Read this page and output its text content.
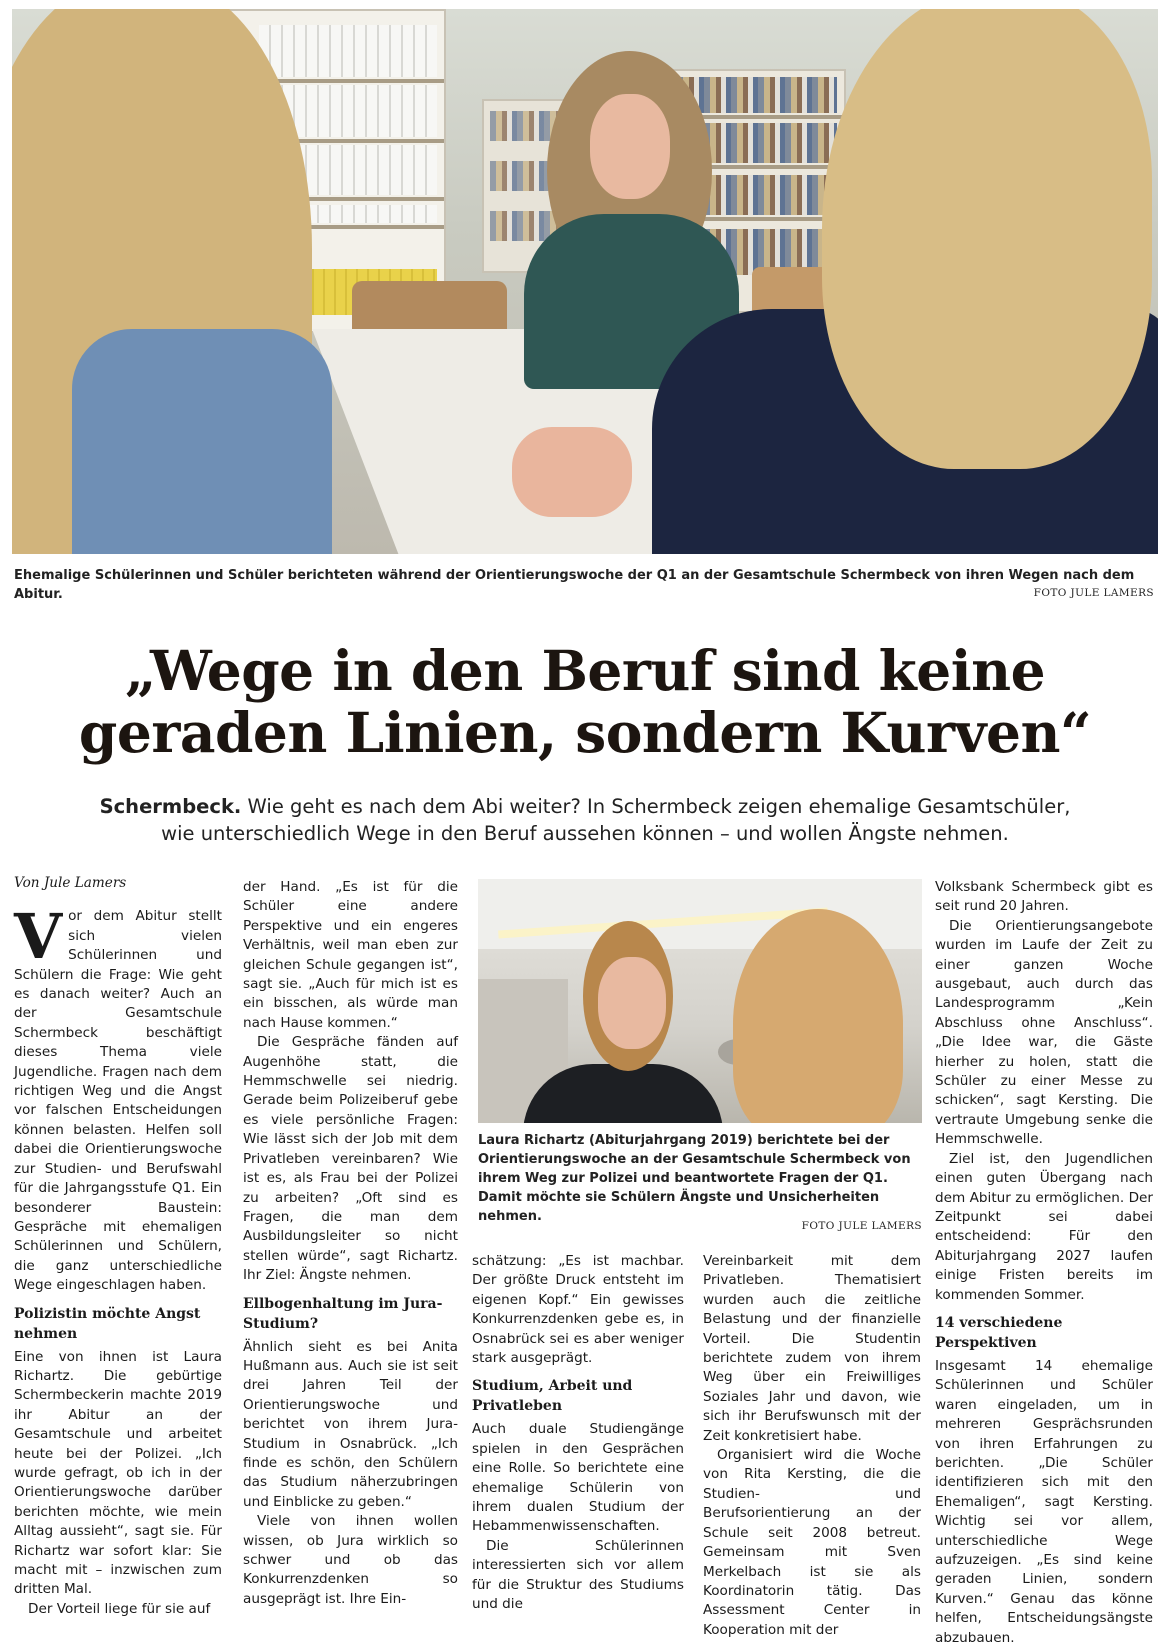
Ehemalige Schülerinnen und Schüler berichteten während der Orientierungswoche der Q1 an der Gesamtschule Schermbeck von ihren Wegen nach dem Abitur.	FOTO JULE LAMERS
„Wege in den Beruf sind keine
geraden Linien, sondern Kurven“
Schermbeck. Wie geht es nach dem Abi weiter? In Schermbeck zeigen ehemalige Gesamtschüler,
wie unterschiedlich Wege in den Beruf aussehen können – und wollen Ängste nehmen.

Von Jule Lamers

Vor dem Abitur stellt sich vielen Schülerinnen und Schülern die Frage: Wie geht es danach weiter? Auch an der Gesamtschule Schermbeck beschäftigt dieses Thema viele Jugendliche. Fragen nach dem richtigen Weg und die Angst vor falschen Entscheidungen können belasten. Helfen soll dabei die Orientierungswoche zur Studien- und Berufswahl für die Jahrgangsstufe Q1. Ein besonderer Baustein: Gespräche mit ehemaligen Schülerinnen und Schülern, die ganz unterschiedliche Wege eingeschlagen haben.

Polizistin möchte Angst nehmen

Eine von ihnen ist Laura Richartz. Die gebürtige Schermbeckerin machte 2019 ihr Abitur an der Gesamtschule und arbeitet heute bei der Polizei. „Ich wurde gefragt, ob ich in der Orientierungswoche darüber berichten möchte, wie mein Alltag aussieht“, sagt sie. Für Richartz war sofort klar: Sie macht mit – inzwischen zum dritten Mal.

Der Vorteil liege für sie auf

der Hand. „Es ist für die Schüler eine andere Perspektive und ein engeres Verhältnis, weil man eben zur gleichen Schule gegangen ist“, sagt sie. „Auch für mich ist es ein bisschen, als würde man nach Hause kommen.“

Die Gespräche fänden auf Augenhöhe statt, die Hemmschwelle sei niedrig. Gerade beim Polizeiberuf gebe es viele persönliche Fragen: Wie lässt sich der Job mit dem Privatleben vereinbaren? Wie ist es, als Frau bei der Polizei zu arbeiten? „Oft sind es Fragen, die man dem Ausbildungsleiter so nicht stellen würde“, sagt Richartz. Ihr Ziel: Ängste nehmen.

Ellbogenhaltung im Jura-Studium?

Ähnlich sieht es bei Anita Hußmann aus. Auch sie ist seit drei Jahren Teil der Orientierungswoche und berichtet von ihrem Jura-Studium in Osnabrück. „Ich finde es schön, den Schülern das Studium näherzubringen und Einblicke zu geben.“

Viele von ihnen wollen wissen, ob Jura wirklich so schwer und ob das Konkurrenzdenken so ausgeprägt ist. Ihre Ein-

Laura Richartz (Abiturjahrgang 2019) berichtete bei der Orientierungswoche an der Gesamtschule Schermbeck von ihrem Weg zur Polizei und beantwortete Fragen der Q1. Damit möchte sie Schülern Ängste und Unsicherheiten nehmen.
FOTO JULE LAMERS

schätzung: „Es ist machbar. Der größte Druck entsteht im eigenen Kopf.“ Ein gewisses Konkurrenzdenken gebe es, in Osnabrück sei es aber weniger stark ausgeprägt.

Studium, Arbeit und Privatleben

Auch duale Studiengänge spielen in den Gesprächen eine Rolle. So berichtete eine ehemalige Schülerin von ihrem dualen Studium der Hebammenwissenschaften.

Die Schülerinnen interessierten sich vor allem für die Struktur des Studiums und die

Vereinbarkeit mit dem Privatleben. Thematisiert wurden auch die zeitliche Belastung und der finanzielle Vorteil. Die Studentin berichtete zudem von ihrem Weg über ein Freiwilliges Soziales Jahr und davon, wie sich ihr Berufswunsch mit der Zeit konkretisiert habe.

Organisiert wird die Woche von Rita Kersting, die die Studien- und Berufsorientierung an der Schule seit 2008 betreut. Gemeinsam mit Sven Merkelbach ist sie als Koordinatorin tätig. Das Assessment Center in Kooperation mit der

Volksbank Schermbeck gibt es seit rund 20 Jahren.

Die Orientierungsangebote wurden im Laufe der Zeit zu einer ganzen Woche ausgebaut, auch durch das Landesprogramm „Kein Abschluss ohne Anschluss“. „Die Idee war, die Gäste hierher zu holen, statt die Schüler zu einer Messe zu schicken“, sagt Kersting. Die vertraute Umgebung senke die Hemmschwelle.

Ziel ist, den Jugendlichen einen guten Übergang nach dem Abitur zu ermöglichen. Der Zeitpunkt sei dabei entscheidend: Für den Abiturjahrgang 2027 laufen einige Fristen bereits im kommenden Sommer.

14 verschiedene Perspektiven

Insgesamt 14 ehemalige Schülerinnen und Schüler waren eingeladen, um in mehreren Gesprächsrunden von ihren Erfahrungen zu berichten. „Die Schüler identifizieren sich mit den Ehemaligen“, sagt Kersting. Wichtig sei vor allem, unterschiedliche Wege aufzuzeigen. „Es sind keine geraden Linien, sondern Kurven.“ Genau das könne helfen, Entscheidungsängste abzubauen.
